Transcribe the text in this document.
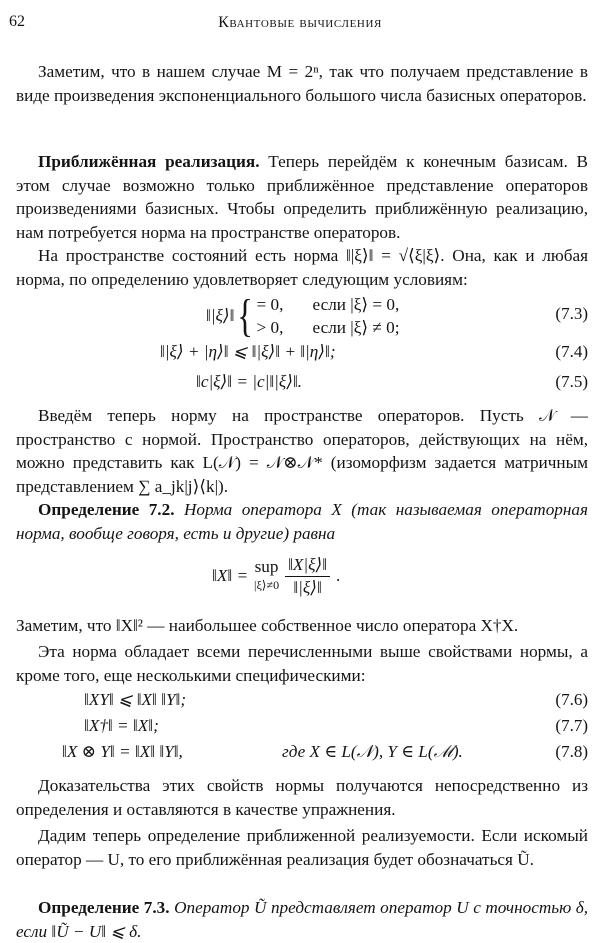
62	Квантовые вычисления
Заметим, что в нашем случае M = 2ⁿ, так что получаем представление в виде произведения экспоненциального большого числа базисных операторов.
Приближённая реализация. Теперь перейдём к конечным базисам. В этом случае возможно только приближённое представление операторов произведениями базисных. Чтобы определить приближённую реализацию, нам потребуется норма на пространстве операторов.
На пространстве состояний есть норма ‖|ξ⟩‖ = √⟨ξ|ξ⟩. Она, как и любая норма, по определению удовлетворяет следующим условиям:
‖|ξ⟩‖ { = 0, если |ξ⟩ = 0,
> 0, если |ξ⟩ ≠ 0;
(7.3)
‖|ξ⟩ + |η⟩‖ ⩽ ‖|ξ⟩‖ + ‖|η⟩‖;	(7.4)
‖c|ξ⟩‖ = |c|‖|ξ⟩‖.	(7.5)
Введём теперь норму на пространстве операторов. Пусть 𝒩 — пространство с нормой. Пространство операторов, действующих на нём, можно представить как L(𝒩) = 𝒩⊗𝒩* (изоморфизм задается матричным представлением ∑ a_jk|j⟩⟨k|).
Определение 7.2. Норма оператора X (так называемая операторная норма, вообще говоря, есть и другие) равна
‖X‖ = sup
|ξ⟩≠0 $\frac{‖X|\xi⟩‖}{‖|\xi⟩‖}$ .
Заметим, что ‖X‖² — наибольшее собственное число оператора X†X.
Эта норма обладает всеми перечисленными выше свойствами нормы, а кроме того, еще несколькими специфическими:
‖XY‖ ⩽ ‖X‖ ‖Y‖;	(7.6)
‖X†‖ = ‖X‖;	(7.7)
‖X ⊗ Y‖ = ‖X‖ ‖Y‖,	где X ∈ L(𝒩), Y ∈ L(ℳ).	(7.8)
Доказательства этих свойств нормы получаются непосредственно из определения и оставляются в качестве упражнения.
Дадим теперь определение приближенной реализуемости. Если искомый оператор — U, то его приближённая реализация будет обозначаться Ũ.
Определение 7.3. Оператор Ũ представляет оператор U с точностью δ, если ‖Ũ − U‖ ⩽ δ.
